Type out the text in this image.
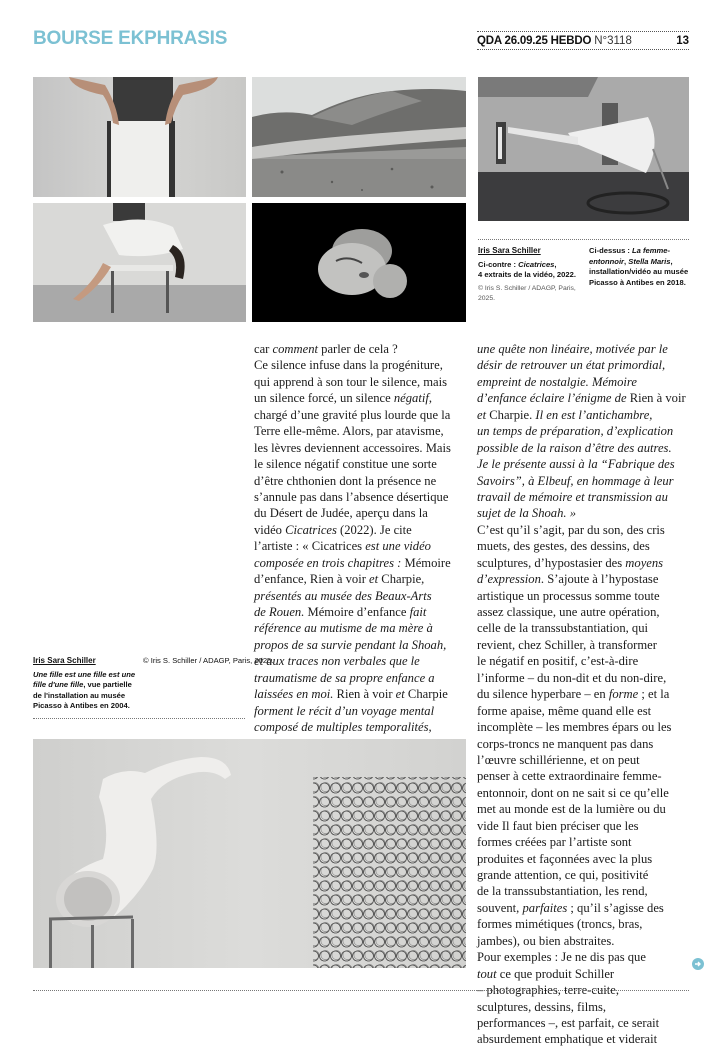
BOURSE EKPHRASIS	QDA 26.09.25 HEBDO N°3118	13
Iris Sara Schiller
Ci-contre : Cicatrices,
4 extraits de la vidéo, 2022.
© Iris S. Schiller / ADAGP, Paris, 2025.
Ci-dessus : La femme-
entonnoir, Stella Maris,
installation/vidéo au musée
Picasso à Antibes en 2018.
Iris Sara Schiller
Une fille est une fille est une
fille d'une fille, vue partielle
de l'installation au musée
Picasso à Antibes en 2004.
© Iris S. Schiller / ADAGP, Paris, 2025.
car comment parler de cela ?
Ce silence infuse dans la progéniture,
qui apprend à son tour le silence, mais
un silence forcé, un silence négatif,
chargé d’une gravité plus lourde que la
Terre elle-même. Alors, par atavisme,
les lèvres deviennent accessoires. Mais
le silence négatif constitue une sorte
d’être chthonien dont la présence ne
s’annule pas dans l’absence désertique
du Désert de Judée, aperçu dans la
vidéo Cicatrices (2022). Je cite
l’artiste : « Cicatrices est une vidéo
composée en trois chapitres : Mémoire
d’enfance, Rien à voir et Charpie,
présentés au musée des Beaux-Arts
de Rouen. Mémoire d’enfance fait
référence au mutisme de ma mère à
propos de sa survie pendant la Shoah,
et aux traces non verbales que le
traumatisme de sa propre enfance a
laissées en moi. Rien à voir et Charpie
forment le récit d’un voyage mental
composé de multiples temporalités,
une quête non linéaire, motivée par le
désir de retrouver un état primordial,
empreint de nostalgie. Mémoire
d’enfance éclaire l’énigme de Rien à voir
et Charpie. Il en est l’antichambre,
un temps de préparation, d’explication
possible de la raison d’être des autres.
Je le présente aussi à la “Fabrique des
Savoirs”, à Elbeuf, en hommage à leur
travail de mémoire et transmission au
sujet de la Shoah. »
C’est qu’il s’agit, par du son, des cris
muets, des gestes, des dessins, des
sculptures, d’hypostasier des moyens
d’expression. S’ajoute à l’hypostase
artistique un processus somme toute
assez classique, une autre opération,
celle de la transsubstantiation, qui
revient, chez Schiller, à transformer
le négatif en positif, c’est-à-dire
l’informe – du non-dit et du non-dire,
du silence hyperbare – en forme ; et la
forme apaise, même quand elle est
incomplète – les membres épars ou les
corps-troncs ne manquent pas dans
l’œuvre schillérienne, et on peut
penser à cette extraordinaire femme-
entonnoir, dont on ne sait si ce qu’elle
met au monde est de la lumière ou du
vide Il faut bien préciser que les
formes créées par l’artiste sont
produites et façonnées avec la plus
grande attention, ce qui, positivité
de la transsubstantiation, les rend,
souvent, parfaites ; qu’il s’agisse des
formes mimétiques (troncs, bras,
jambes), ou bien abstraites.
Pour exemples : Je ne dis pas que
tout ce que produit Schiller
– photographies, terre-cuite,
sculptures, dessins, films,
performances –, est parfait, ce serait
absurdement emphatique et viderait
